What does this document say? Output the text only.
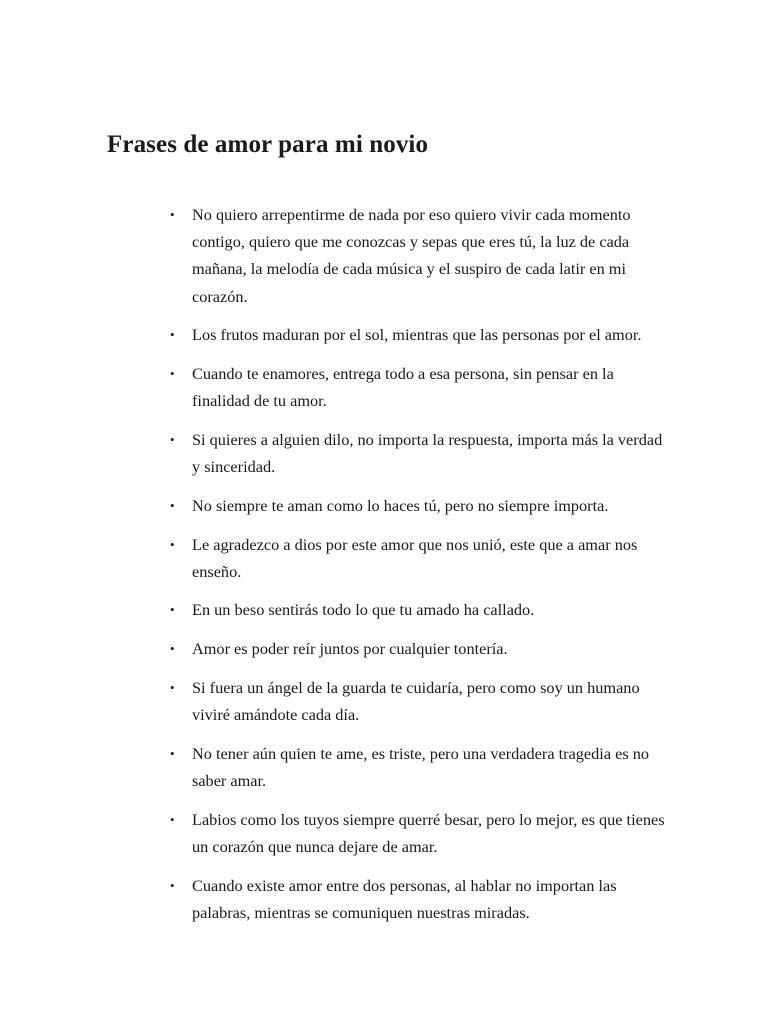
Frases de amor para mi novio
• No quiero arrepentirme de nada por eso quiero vivir cada momento contigo, quiero que me conozcas y sepas que eres tú, la luz de cada mañana, la melodía de cada música y el suspiro de cada latir en mi corazón.
• Los frutos maduran por el sol, mientras que las personas por el amor.
• Cuando te enamores, entrega todo a esa persona, sin pensar en la finalidad de tu amor.
• Si quieres a alguien dilo, no importa la respuesta, importa más la verdad y sinceridad.
• No siempre te aman como lo haces tú, pero no siempre importa.
• Le agradezco a dios por este amor que nos unió, este que a amar nos enseño.
• En un beso sentirás todo lo que tu amado ha callado.
• Amor es poder reír juntos por cualquier tontería.
• Si fuera un ángel de la guarda te cuidaría, pero como soy un humano viviré amándote cada día.
• No tener aún quien te ame, es triste, pero una verdadera tragedia es no saber amar.
• Labios como los tuyos siempre querré besar, pero lo mejor, es que tienes un corazón que nunca dejare de amar.
• Cuando existe amor entre dos personas, al hablar no importan las palabras, mientras se comuniquen nuestras miradas.
